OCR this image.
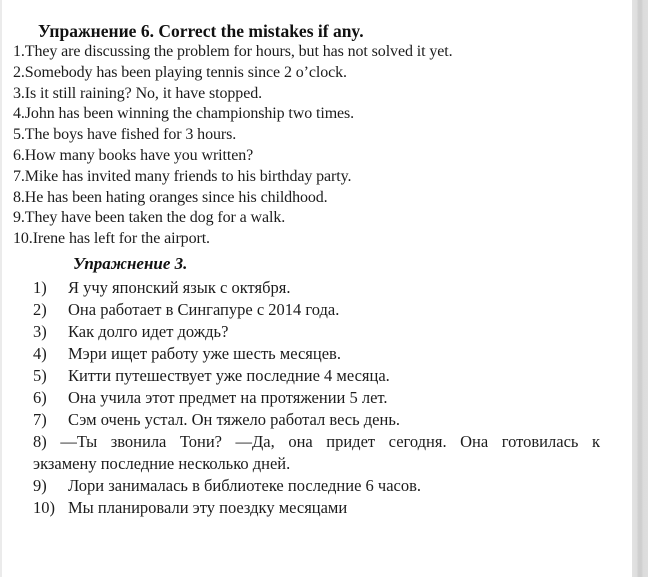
Упражнение 6. Correct the mistakes if any.
1.They are discussing the problem for hours, but has not solved it yet.
2.Somebody has been playing tennis since 2 o’clock.
3.Is it still raining? No, it have stopped.
4.John has been winning the championship two times.
5.The boys have fished for 3 hours.
6.How many books have you written?
7.Mike has invited many friends to his birthday party.
8.He has been hating oranges since his childhood.
9.They have been taken the dog for a walk.
10.Irene has left for the airport.
Упражнение 3.
1) Я учу японский язык с октября.
2) Она работает в Сингапуре с 2014 года.
3) Как долго идет дождь?
4) Мэри ищет работу уже шесть месяцев.
5) Китти путешествует уже последние 4 месяца.
6) Она учила этот предмет на протяжении 5 лет.
7) Сэм очень устал. Он тяжело работал весь день.
8) —Ты звонила Тони? —Да, она придет сегодня. Она готовилась к
экзамену последние несколько дней.
9) Лори занималась в библиотеке последние 6 часов.
10) Мы планировали эту поездку месяцами
